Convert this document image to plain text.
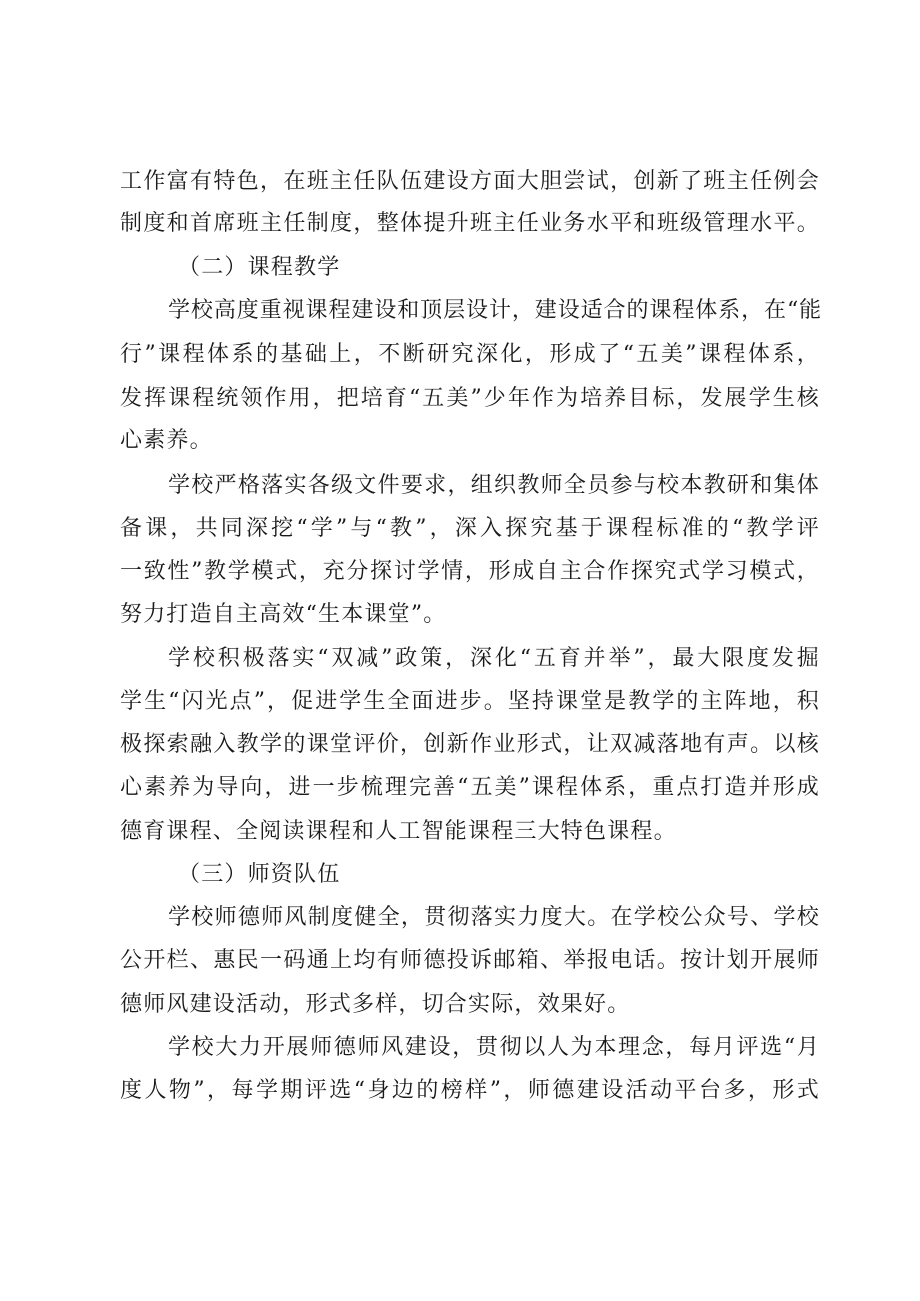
工作富有特色，在班主任队伍建设方面大胆尝试，创新了班主任例会
制度和首席班主任制度，整体提升班主任业务水平和班级管理水平。
（二）课程教学
学校高度重视课程建设和顶层设计，建设适合的课程体系，在“能
行”课程体系的基础上，不断研究深化，形成了“五美”课程体系，
发挥课程统领作用，把培育“五美”少年作为培养目标，发展学生核
心素养。
学校严格落实各级文件要求，组织教师全员参与校本教研和集体
备课，共同深挖“学”与“教”，深入探究基于课程标准的“教学评
一致性”教学模式，充分探讨学情，形成自主合作探究式学习模式，
努力打造自主高效“生本课堂”。
学校积极落实“双减”政策，深化“五育并举”，最大限度发掘
学生“闪光点”，促进学生全面进步。坚持课堂是教学的主阵地，积
极探索融入教学的课堂评价，创新作业形式，让双减落地有声。以核
心素养为导向，进一步梳理完善“五美”课程体系，重点打造并形成
德育课程、全阅读课程和人工智能课程三大特色课程。
（三）师资队伍
学校师德师风制度健全，贯彻落实力度大。在学校公众号、学校
公开栏、惠民一码通上均有师德投诉邮箱、举报电话。按计划开展师
德师风建设活动，形式多样，切合实际，效果好。
学校大力开展师德师风建设，贯彻以人为本理念，每月评选“月
度人物”，每学期评选“身边的榜样”，师德建设活动平台多，形式
